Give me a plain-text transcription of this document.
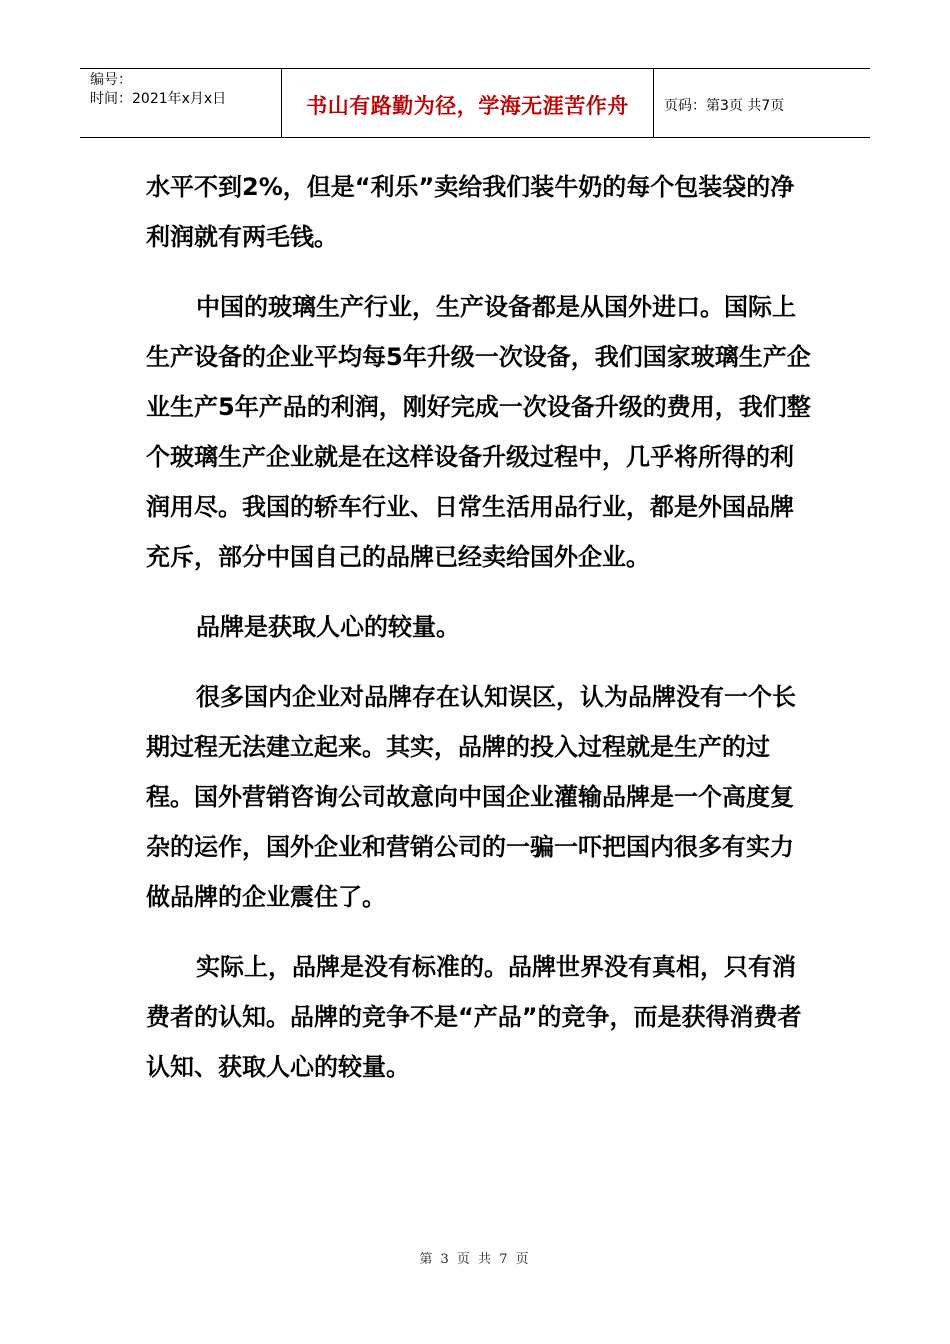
编号：
时间：2021年x月x日	书山有路勤为径，学海无涯苦作舟	页码：第3页 共7页

水平不到2%，但是“利乐”卖给我们装牛奶的每个包装袋的净利润就有两毛钱。

中国的玻璃生产行业，生产设备都是从国外进口。国际上生产设备的企业平均每5年升级一次设备，我们国家玻璃生产企业生产5年产品的利润，刚好完成一次设备升级的费用，我们整个玻璃生产企业就是在这样设备升级过程中，几乎将所得的利润用尽。我国的轿车行业、日常生活用品行业，都是外国品牌充斥，部分中国自己的品牌已经卖给国外企业。

品牌是获取人心的较量。

很多国内企业对品牌存在认知误区，认为品牌没有一个长期过程无法建立起来。其实，品牌的投入过程就是生产的过程。国外营销咨询公司故意向中国企业灌输品牌是一个高度复杂的运作，国外企业和营销公司的一骗一吓把国内很多有实力做品牌的企业震住了。

实际上，品牌是没有标准的。品牌世界没有真相，只有消费者的认知。品牌的竞争不是“产品”的竞争，而是获得消费者认知、获取人心的较量。

第 3 页 共 7 页
